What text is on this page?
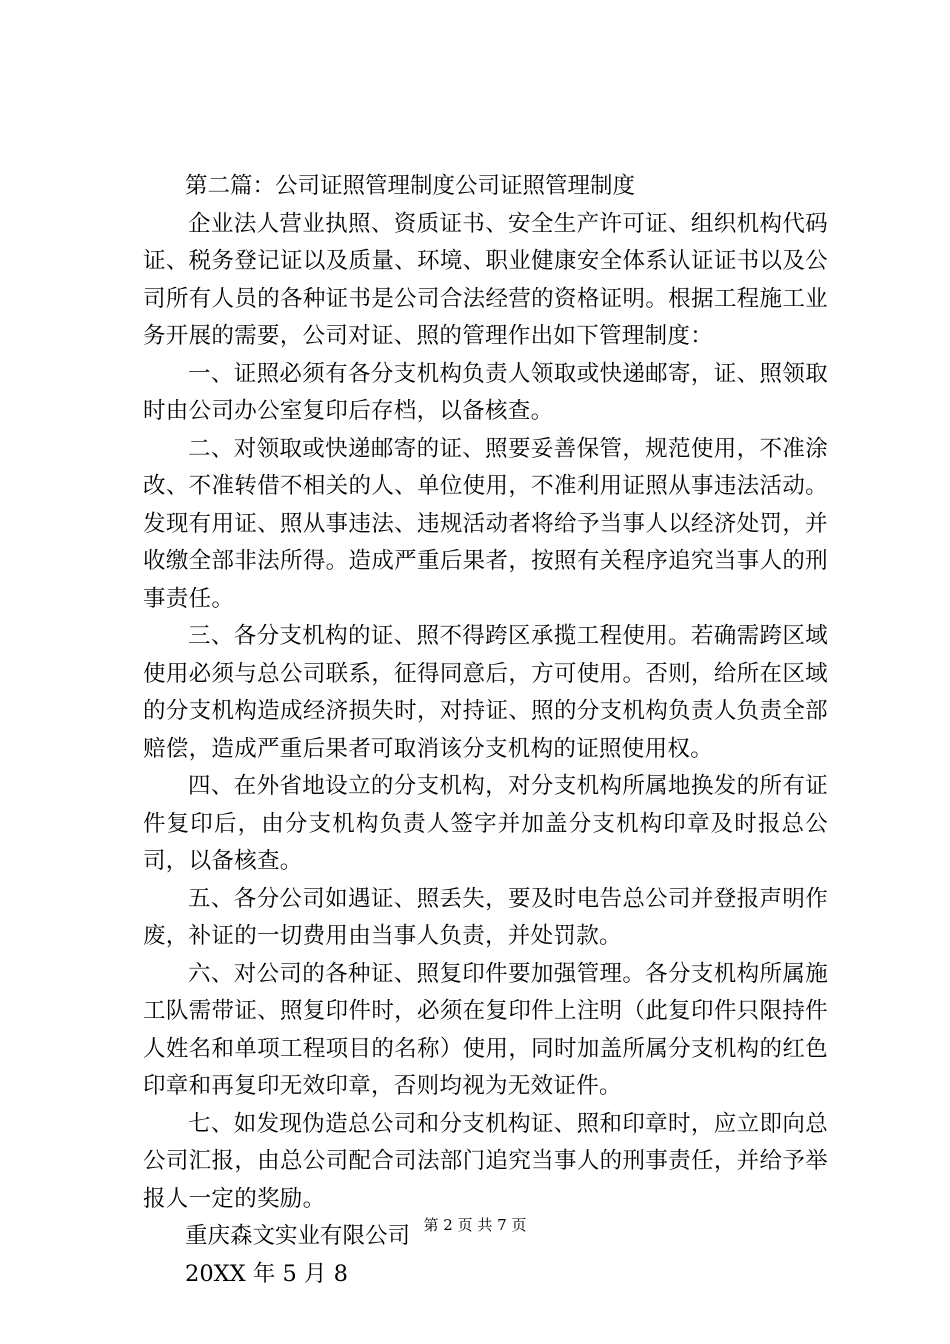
第二篇：公司证照管理制度公司证照管理制度

企业法人营业执照、资质证书、安全生产许可证、组织机构代码证、税务登记证以及质量、环境、职业健康安全体系认证证书以及公司所有人员的各种证书是公司合法经营的资格证明。根据工程施工业务开展的需要，公司对证、照的管理作出如下管理制度：

一、证照必须有各分支机构负责人领取或快递邮寄，证、照领取时由公司办公室复印后存档，以备核查。

二、对领取或快递邮寄的证、照要妥善保管，规范使用，不准涂改、不准转借不相关的人、单位使用，不准利用证照从事违法活动。发现有用证、照从事违法、违规活动者将给予当事人以经济处罚，并收缴全部非法所得。造成严重后果者，按照有关程序追究当事人的刑事责任。

三、各分支机构的证、照不得跨区承揽工程使用。若确需跨区域使用必须与总公司联系，征得同意后，方可使用。否则，给所在区域的分支机构造成经济损失时，对持证、照的分支机构负责人负责全部赔偿，造成严重后果者可取消该分支机构的证照使用权。

四、在外省地设立的分支机构，对分支机构所属地换发的所有证件复印后，由分支机构负责人签字并加盖分支机构印章及时报总公司，以备核查。

五、各分公司如遇证、照丢失，要及时电告总公司并登报声明作废，补证的一切费用由当事人负责，并处罚款。

六、对公司的各种证、照复印件要加强管理。各分支机构所属施工队需带证、照复印件时，必须在复印件上注明（此复印件只限持件人姓名和单项工程项目的名称）使用，同时加盖所属分支机构的红色印章和再复印无效印章，否则均视为无效证件。

七、如发现伪造总公司和分支机构证、照和印章时，应立即向总公司汇报，由总公司配合司法部门追究当事人的刑事责任，并给予举报人一定的奖励。

重庆森文实业有限公司

20XX 年 5 月 8

第 2 页 共 7 页
